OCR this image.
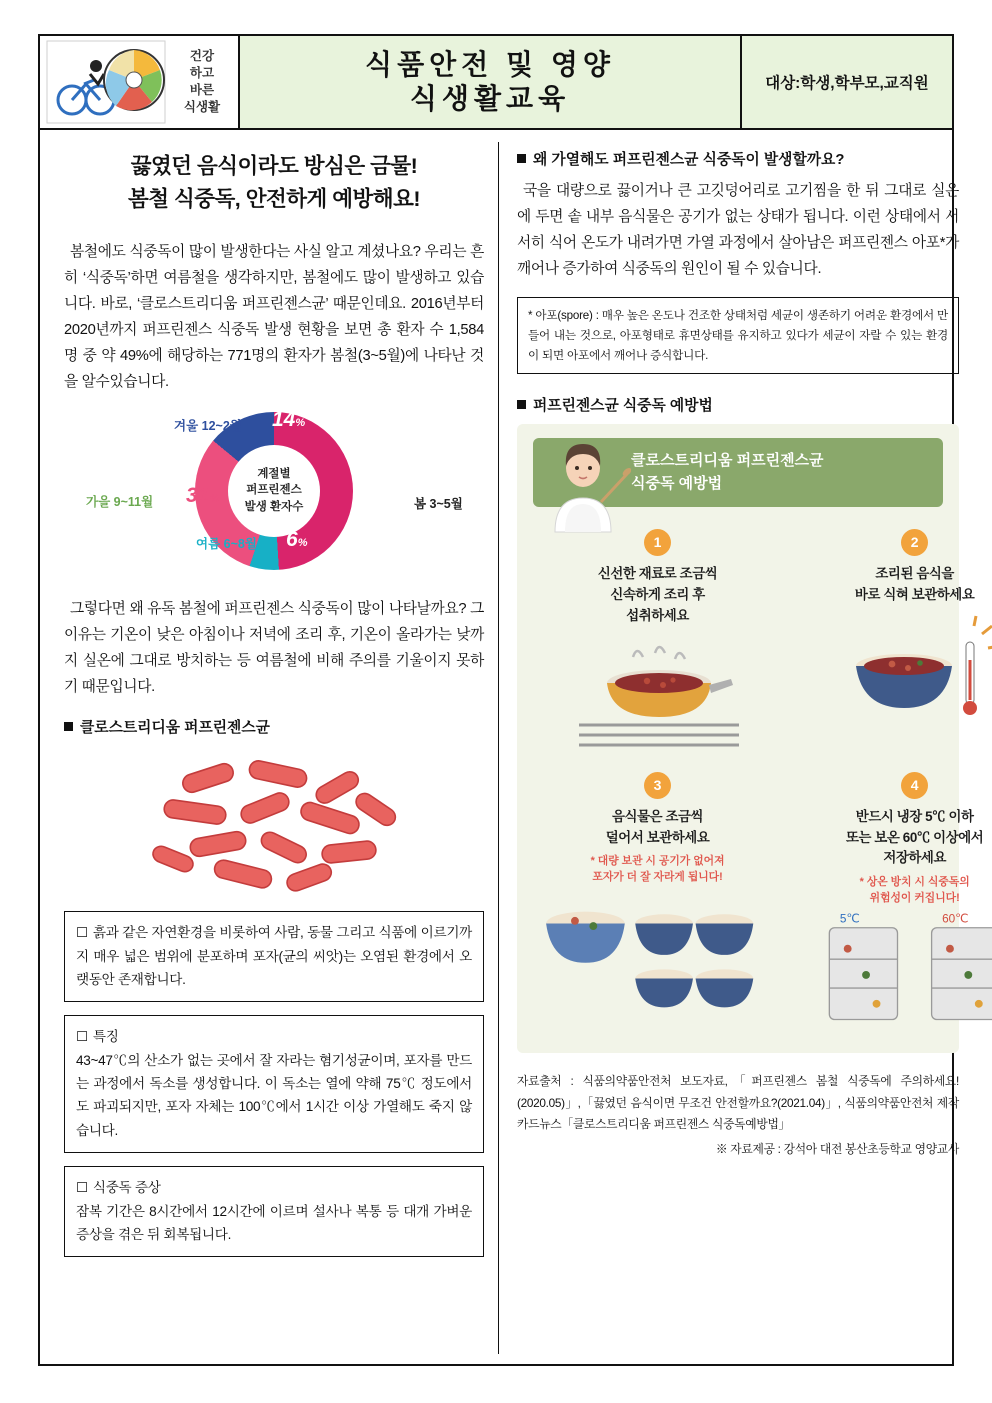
건강
하고
바른
식생활
식품안전 및 영양
식생활교육	대상:학생,학부모,교직원
끓였던 음식이라도 방심은 금물!
봄철 식중독, 안전하게 예방해요!

봄철에도 식중독이 많이 발생한다는 사실 알고 계셨나요? 우리는 흔히 ‘식중독’하면 여름철을 생각하지만, 봄철에도 많이 발생하고 있습니다. 바로, ‘클로스트리디움 퍼프린젠스균’ 때문인데요. 2016년부터 2020년까지 퍼프린젠스 식중독 발생 현황을 보면 총 환자 수 1,584명 중 약 49%에 해당하는 771명의 환자가 봄철(3~5월)에 나타난 것을 알수있습니다.

계절별
퍼프린젠스
발생 환자수	49% 봄 3~5월
6%
여름 6~8월
31%
가을 9~11월
14%
겨울 12~2월

그렇다면 왜 유독 봄철에 퍼프린젠스 식중독이 많이 나타날까요? 그 이유는 기온이 낮은 아침이나 저녁에 조리 후, 기온이 올라가는 낮까지 실온에 그대로 방치하는 등 여름철에 비해 주의를 기울이지 못하기 때문입니다.

클로스트리디움 퍼프린젠스균
☐ 흙과 같은 자연환경을 비롯하여 사람, 동물 그리고 식품에 이르기까지 매우 넓은 범위에 분포하며 포자(균의 씨앗)는 오염된 환경에서 오랫동안 존재합니다.
☐ 특징
43~47℃의 산소가 없는 곳에서 잘 자라는 혐기성균이며, 포자를 만드는 과정에서 독소를 생성합니다. 이 독소는 열에 약해 75℃ 정도에서도 파괴되지만, 포자 자체는 100℃에서 1시간 이상 가열해도 죽지 않습니다.
☐ 식중독 증상
잠복 기간은 8시간에서 12시간에 이르며 설사나 복통 등 대개 가벼운 증상을 겪은 뒤 회복됩니다.
왜 가열해도 퍼프린젠스균 식중독이 발생할까요?

국을 대량으로 끓이거나 큰 고깃덩어리로 고기찜을 한 뒤 그대로 실온에 두면 솥 내부 음식물은 공기가 없는 상태가 됩니다. 이런 상태에서 서서히 식어 온도가 내려가면 가열 과정에서 살아남은 퍼프린젠스 아포*가 깨어나 증가하여 식중독의 원인이 될 수 있습니다.

* 아포(spore) : 매우 높은 온도나 건조한 상태처럼 세균이 생존하기 어려운 환경에서 만들어 내는 것으로, 아포형태로 휴면상태를 유지하고 있다가 세균이 자랄 수 있는 환경이 되면 아포에서 깨어나 증식합니다.
퍼프린젠스균 식중독 예방법
클로스트리디움 퍼프린젠스균
식중독 예방법
1
신선한 재료로 조금씩
신속하게 조리 후
섭취하세요
2
조리된 음식을
바로 식혀 보관하세요
3
음식물은 조금씩
덜어서 보관하세요
* 대량 보관 시 공기가 없어져
포자가 더 잘 자라게 됩니다!
4
반드시 냉장 5℃ 이하
또는 보온 60℃ 이상에서
저장하세요
* 상온 방치 시 식중독의
위험성이 커집니다!
5℃	60℃
자료출처 : 식품의약품안전처 보도자료,「퍼프린젠스 봄철 식중독에 주의하세요!(2020.05)」,「끓였던 음식이면 무조건 안전할까요?(2021.04)」, 식품의약품안전처 제작 카드뉴스「클로스트리디움 퍼프린젠스 식중독예방법」
※ 자료제공 : 강석아 대전 봉산초등학교 영양교사
